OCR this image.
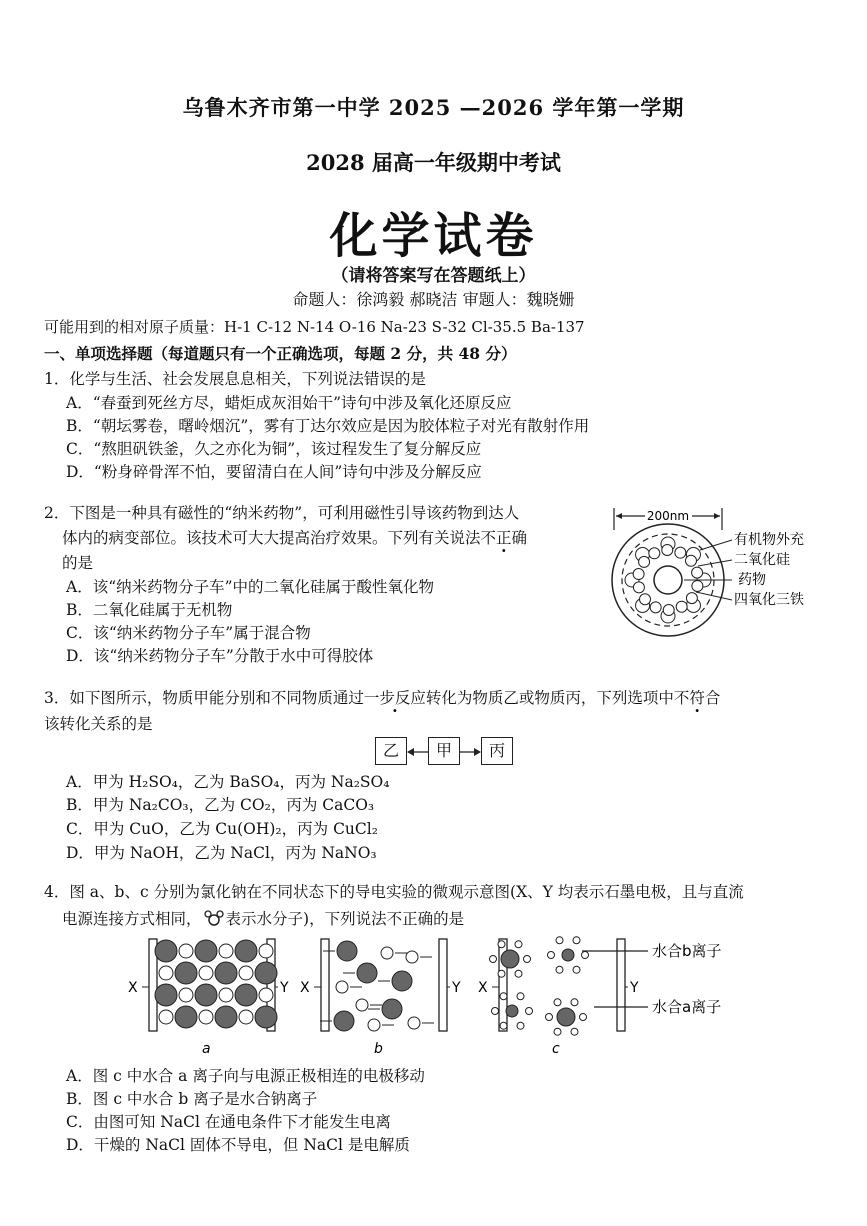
乌鲁木齐市第一中学 2025 —2026 学年第一学期
2028 届高一年级期中考试
化学试卷
（请将答案写在答题纸上）
命题人：徐鸿毅 郝晓洁 审题人：魏晓姗
可能用到的相对原子质量：H-1 C-12 N-14 O-16 Na-23 S-32 Cl-35.5 Ba-137
一、单项选择题（每道题只有一个正确选项，每题 2 分，共 48 分）
1．化学与生活、社会发展息息相关，下列说法错误的是
A．“春蚕到死丝方尽，蜡炬成灰泪始干”诗句中涉及氧化还原反应
B．“朝坛雾卷，曙岭烟沉”，雾有丁达尔效应是因为胶体粒子对光有散射作用
C．“熬胆矾铁釜，久之亦化为铜”，该过程发生了复分解反应
D．“粉身碎骨浑不怕，要留清白在人间”诗句中涉及分解反应
2．下图是一种具有磁性的“纳米药物”，可利用磁性引导该药物到达人
体内的病变部位。该技术可大大提高治疗效果。下列有关说法不正确
的是
A．该“纳米药物分子车”中的二氧化硅属于酸性氧化物
B．二氧化硅属于无机物
C．该“纳米药物分子车”属于混合物
D．该“纳米药物分子车”分散于水中可得胶体
200nm
有机物外充
二氧化硅
药物
四氧化三铁
3．如下图所示，物质甲能分别和不同物质通过一步反应转化为物质乙或物质丙，下列选项中不符合
该转化关系的是
乙	甲	丙
A．甲为 H₂SO₄，乙为 BaSO₄，丙为 Na₂SO₄
B．甲为 Na₂CO₃，乙为 CO₂，丙为 CaCO₃
C．甲为 CuO，乙为 Cu(OH)₂，丙为 CuCl₂
D．甲为 NaOH，乙为 NaCl，丙为 NaNO₃
4．图 a、b、c 分别为氯化钠在不同状态下的导电实验的微观示意图(X、Y 均表示石墨电极，且与直流
电源连接方式相同， 表示水分子)，下列说法不正确的是
X	Y X	Y X	Y
a	b	c
水合b离子
水合a离子
A．图 c 中水合 a 离子向与电源正极相连的电极移动
B．图 c 中水合 b 离子是水合钠离子
C．由图可知 NaCl 在通电条件下才能发生电离
D．干燥的 NaCl 固体不导电，但 NaCl 是电解质
